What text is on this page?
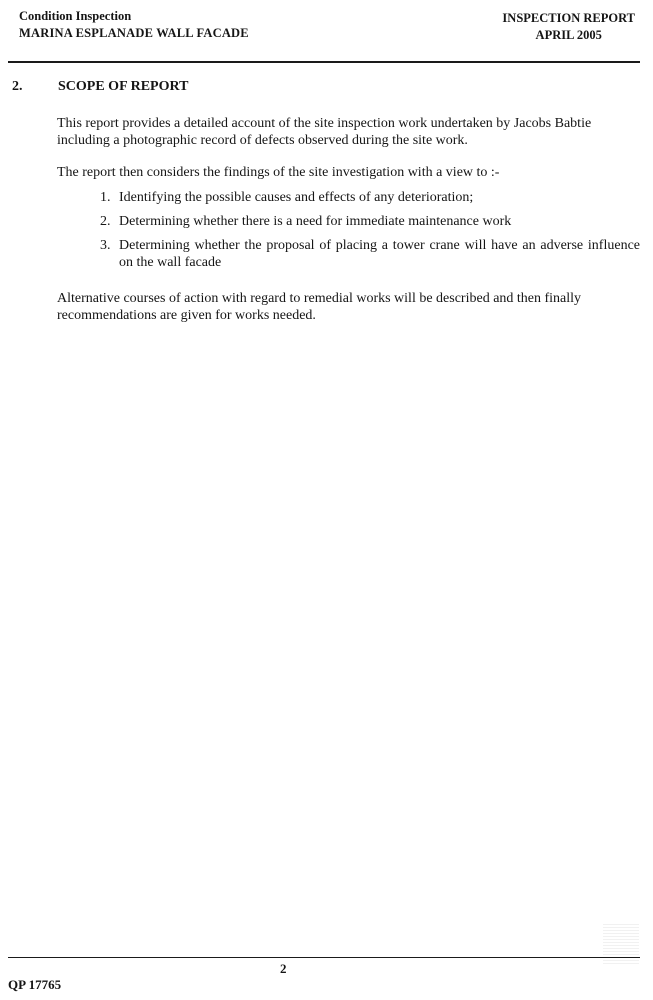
Condition Inspection
MARINA ESPLANADE WALL FACADE
INSPECTION REPORT
APRIL 2005
2.	SCOPE OF REPORT
This report provides a detailed account of the site inspection work undertaken by Jacobs Babtie including a photographic record of defects observed during the site work.
The report then considers the findings of the site investigation with a view to :-
1. Identifying the possible causes and effects of any deterioration;
2. Determining whether there is a need for immediate maintenance work
3. Determining whether the proposal of placing a tower crane will have an adverse influence on the wall facade
Alternative courses of action with regard to remedial works will be described and then finally recommendations are given for works needed.
2
QP 17765
